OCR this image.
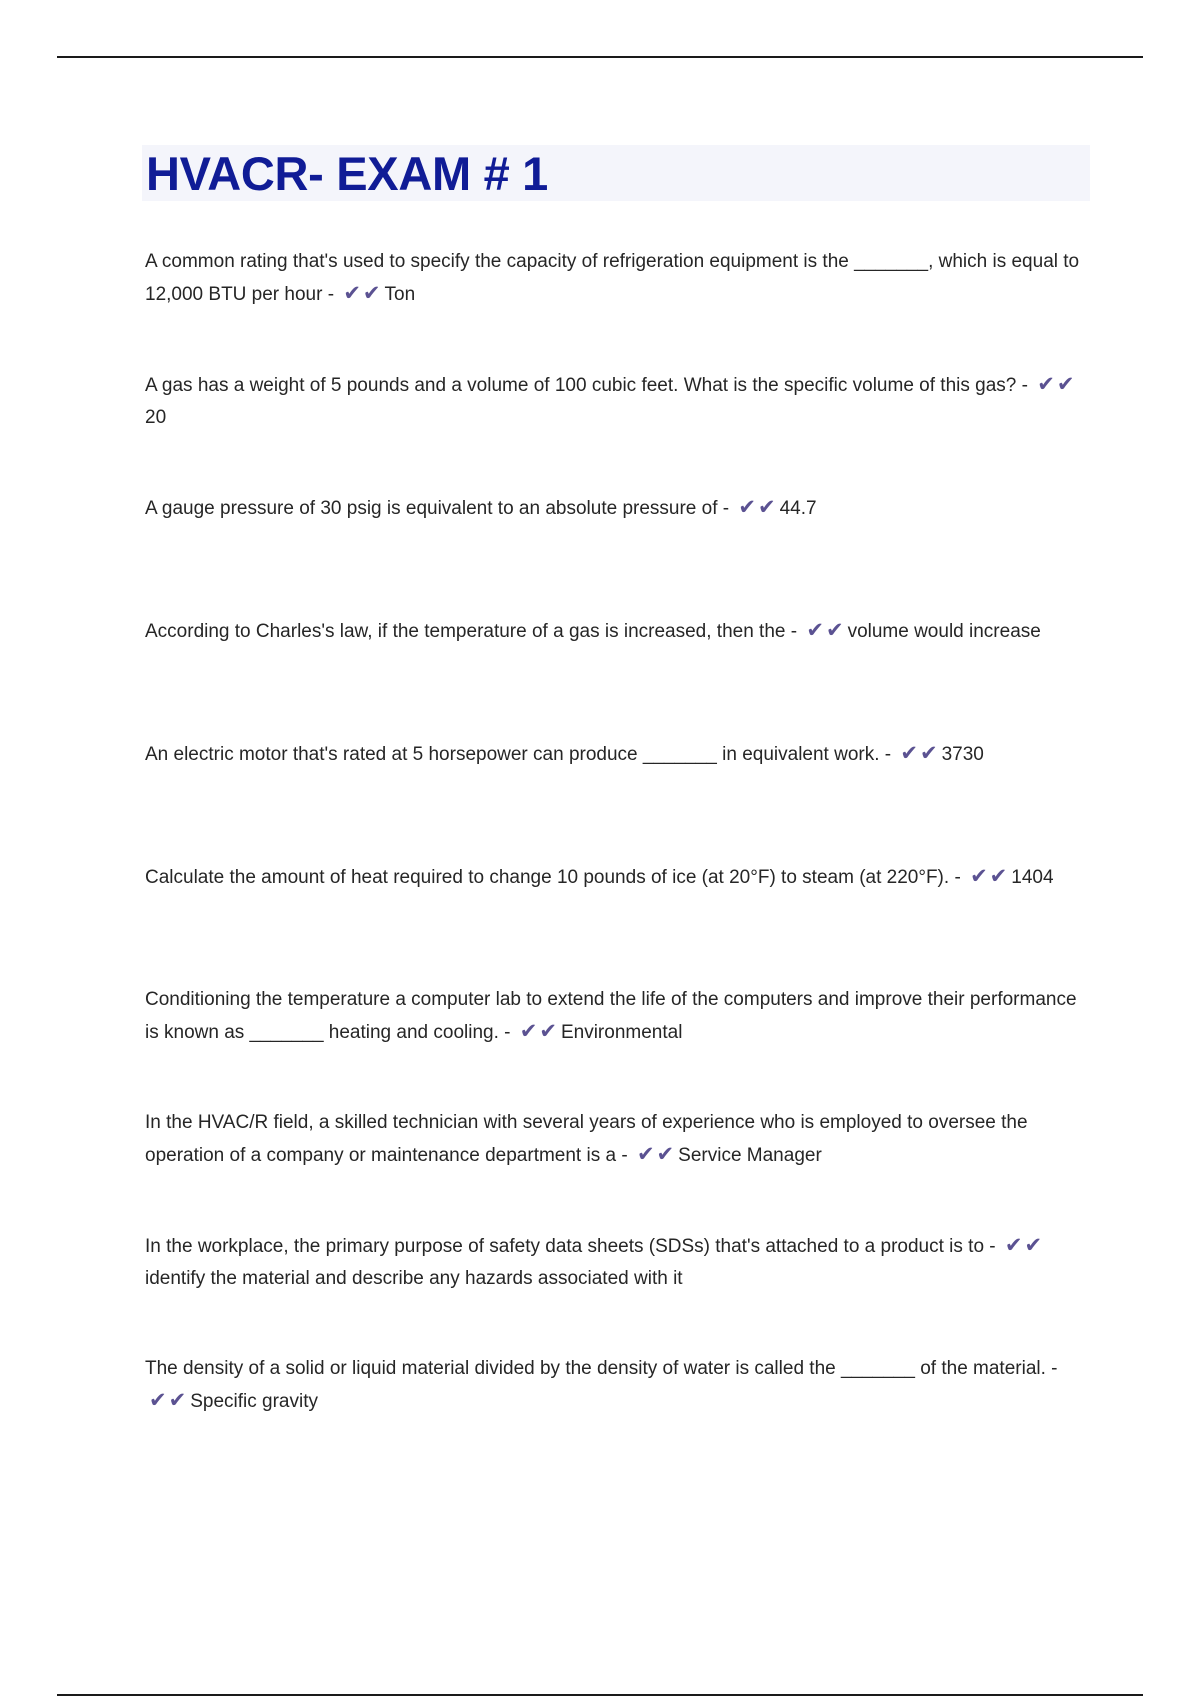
HVACR- EXAM # 1
A common rating that's used to specify the capacity of refrigeration equipment is the _______, which is equal to 12,000 BTU per hour - ✔✔ Ton
A gas has a weight of 5 pounds and a volume of 100 cubic feet. What is the specific volume of this gas? - ✔✔20
A gauge pressure of 30 psig is equivalent to an absolute pressure of - ✔✔ 44.7
According to Charles's law, if the temperature of a gas is increased, then the - ✔✔ volume would increase
An electric motor that's rated at 5 horsepower can produce _______ in equivalent work. - ✔✔ 3730
Calculate the amount of heat required to change 10 pounds of ice (at 20°F) to steam (at 220°F). - ✔✔ 1404
Conditioning the temperature a computer lab to extend the life of the computers and improve their performance is known as _______ heating and cooling. - ✔✔ Environmental
In the HVAC/R field, a skilled technician with several years of experience who is employed to oversee the operation of a company or maintenance department is a - ✔✔ Service Manager
In the workplace, the primary purpose of safety data sheets (SDSs) that's attached to a product is to - ✔✔identify the material and describe any hazards associated with it
The density of a solid or liquid material divided by the density of water is called the _______ of the material. - ✔✔ Specific gravity
